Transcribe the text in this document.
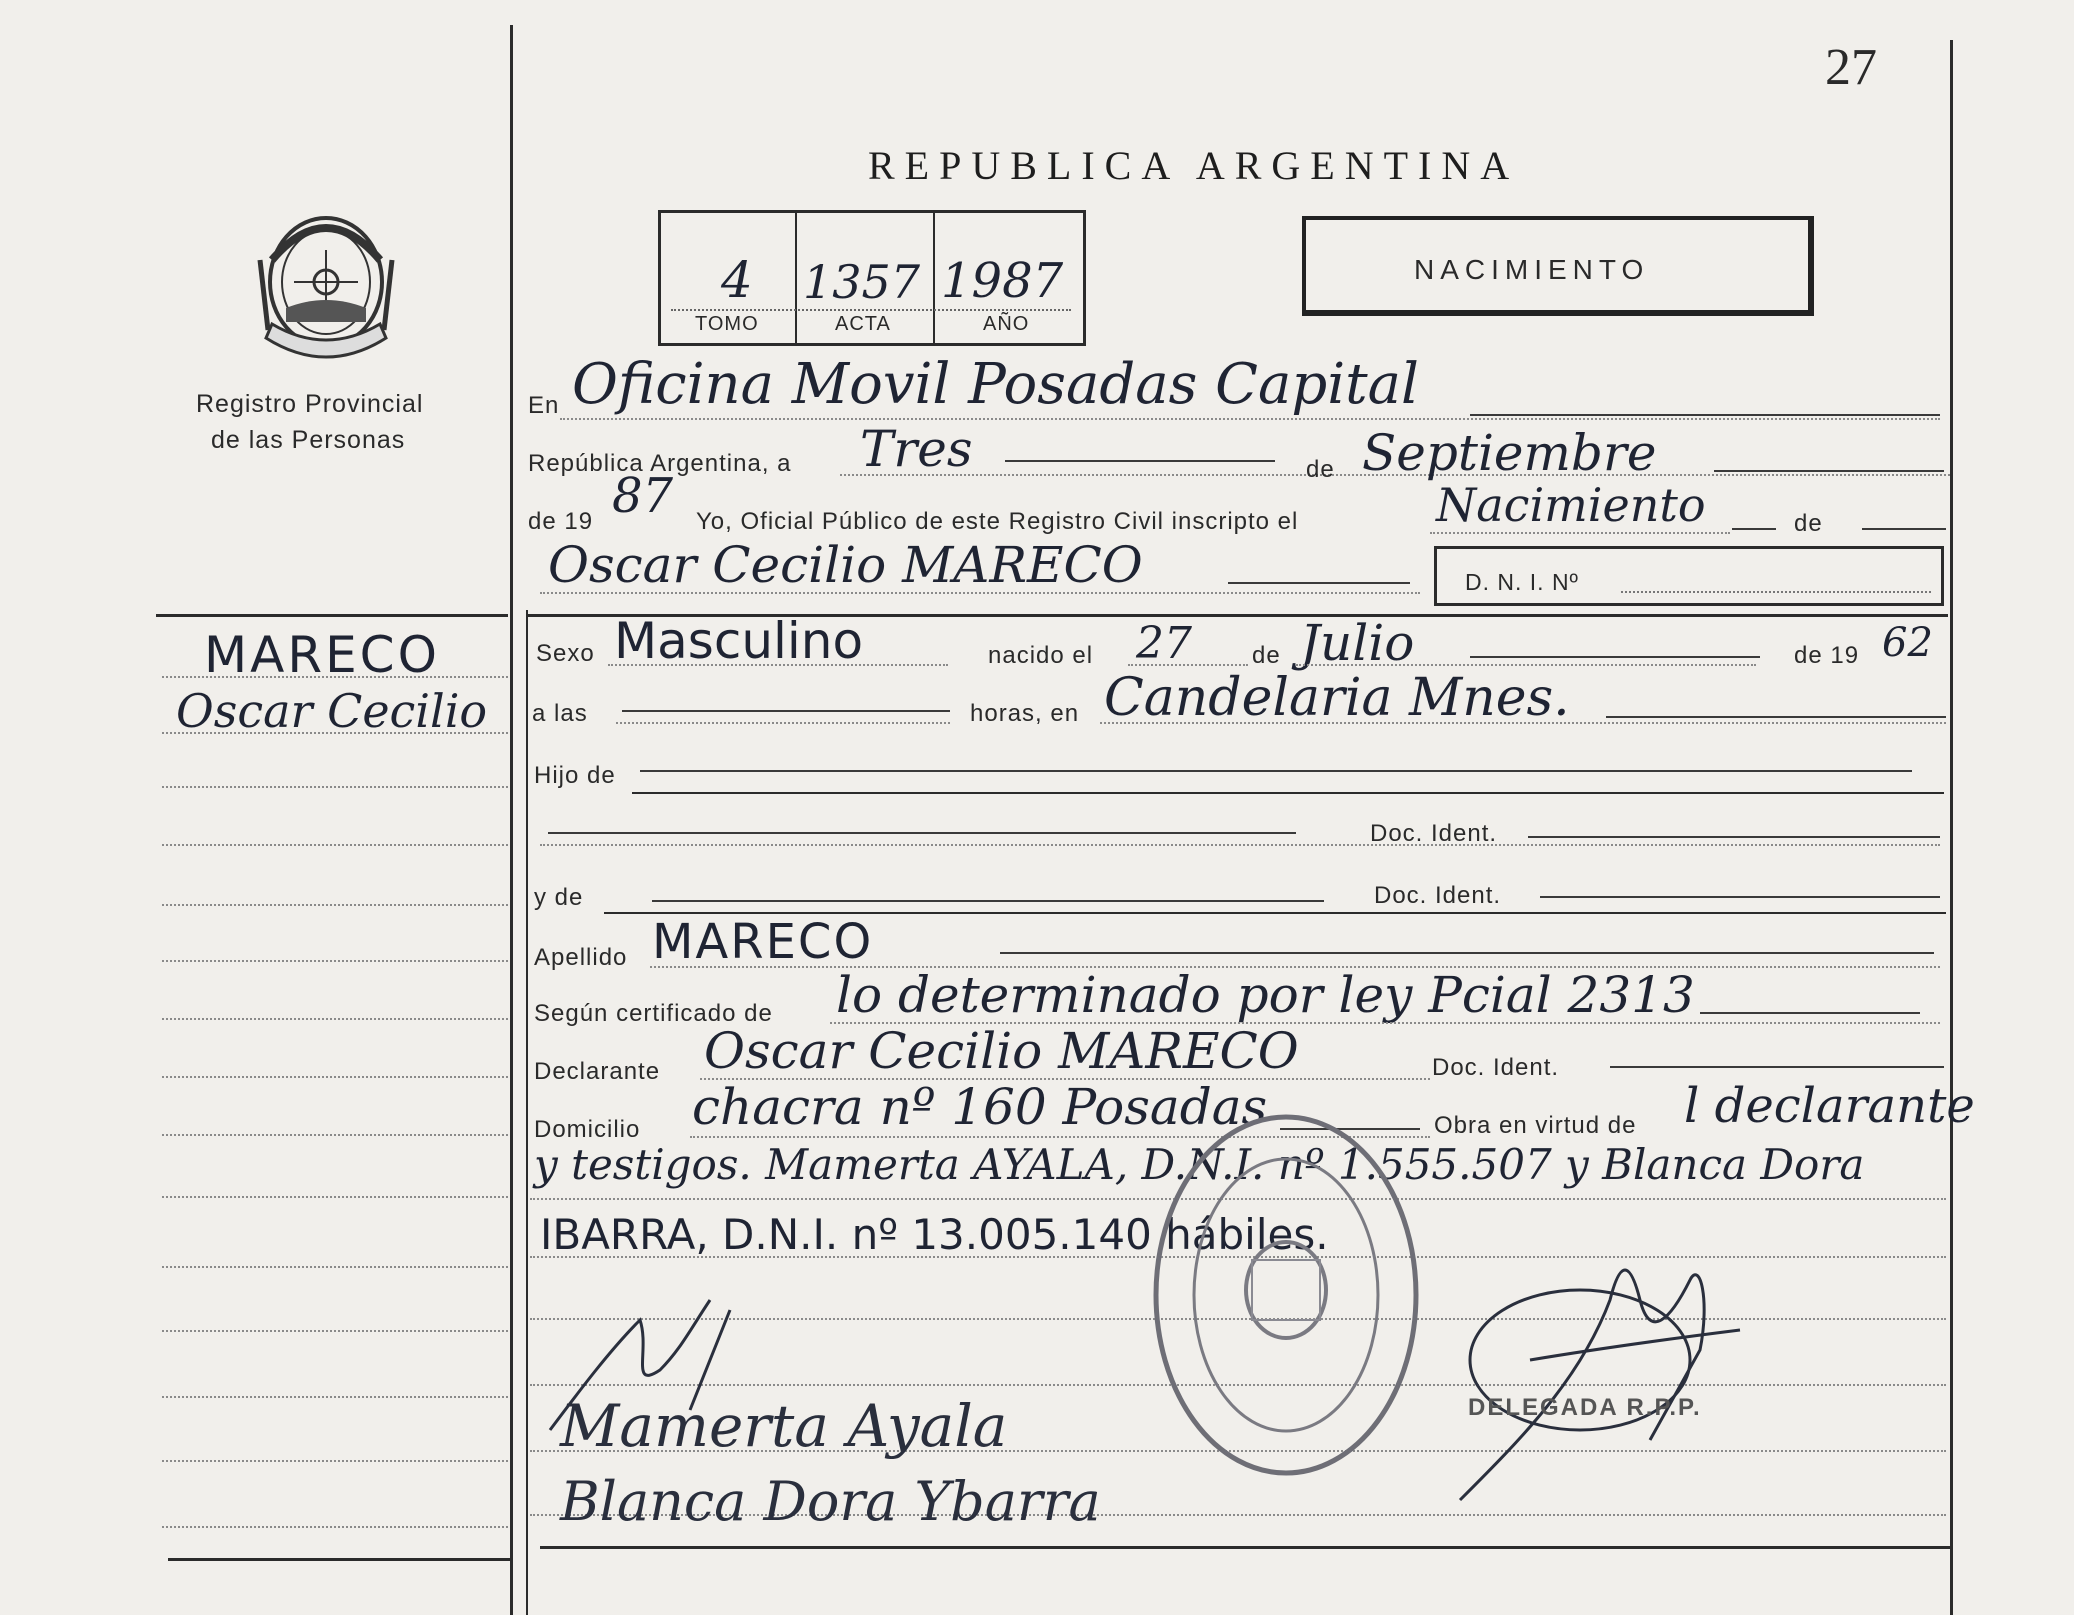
27
REPUBLICA ARGENTINA
4 1357 1987
TOMO	ACTA	AÑO
NACIMIENTO
Registro Provincial
de las Personas
MARECO
Oscar Cecilio
En Oficina Movil Posadas Capital
República Argentina, a Tres	de Septiembre
de 19 87 Yo, Oficial Público de este Registro Civil inscripto el	Nacimiento	de
Oscar Cecilio MARECO	D. N. I. Nº
Sexo Masculino	nacido el 27	de Julio	de 19 62
a las	horas, en Candelaria Mnes.
Hijo de
Doc. Ident.
y de	Doc. Ident.
Apellido MARECO
Según certificado de lo determinado por ley Pcial 2313
Declarante Oscar Cecilio MARECO	Doc. Ident.
Domicilio chacra nº 160 Posadas	Obra en virtud de l declarante
y testigos. Mamerta AYALA, D.N.I. nº 1.555.507 y Blanca Dora
IBARRA, D.N.I. nº 13.005.140 hábiles.
Mamerta Ayala
Blanca Dora Ybarra
DELEGADA R.P.P.
